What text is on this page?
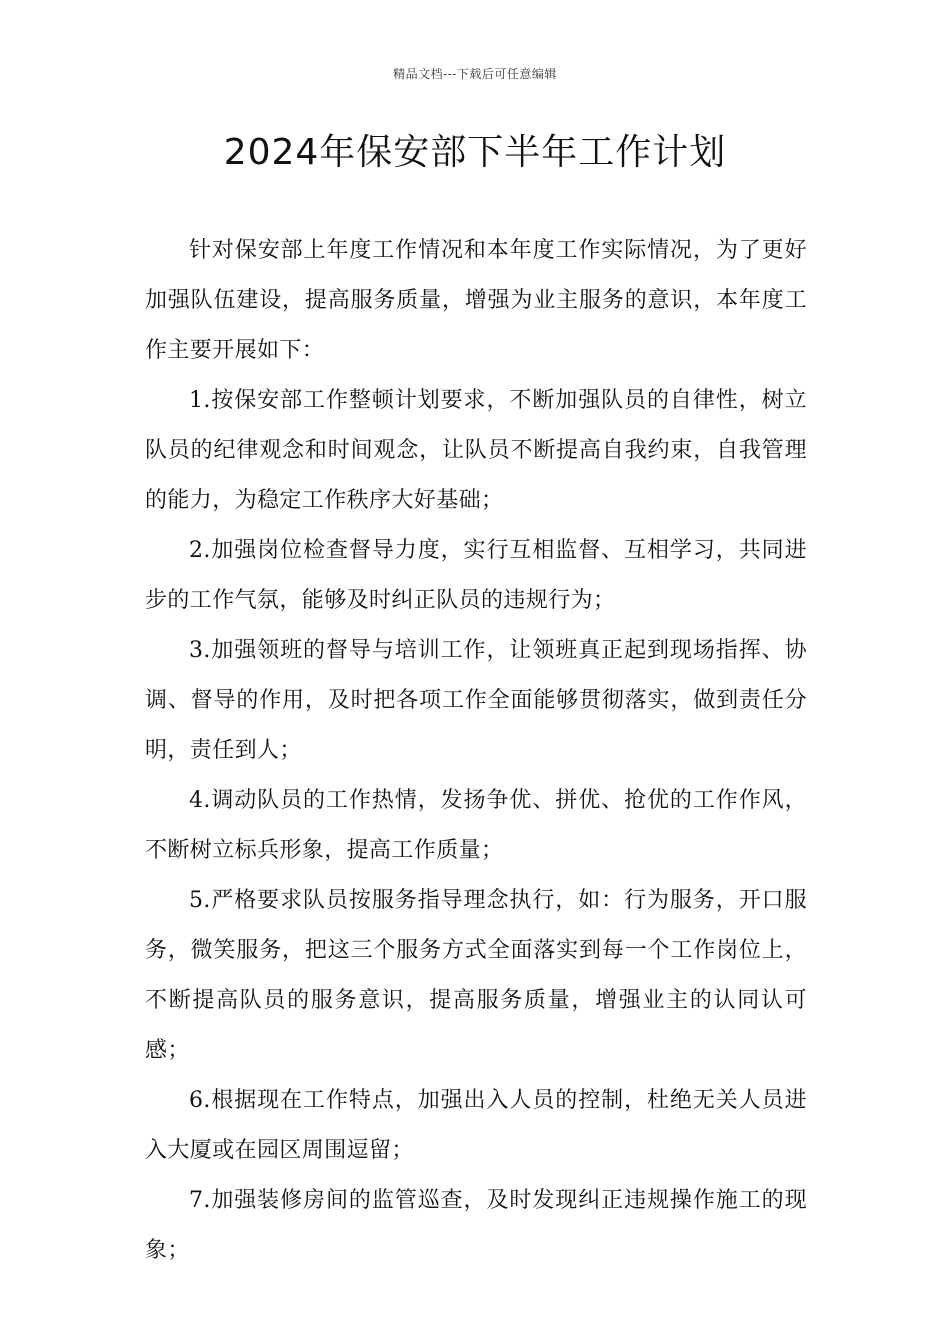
精品文档---下载后可任意编辑
2024年保安部下半年工作计划

针对保安部上年度工作情况和本年度工作实际情况，为了更好加强队伍建设，提高服务质量，增强为业主服务的意识，本年度工作主要开展如下：

1.按保安部工作整顿计划要求，不断加强队员的自律性，树立队员的纪律观念和时间观念，让队员不断提高自我约束，自我管理的能力，为稳定工作秩序大好基础；

2.加强岗位检查督导力度，实行互相监督、互相学习，共同进步的工作气氛，能够及时纠正队员的违规行为；

3.加强领班的督导与培训工作，让领班真正起到现场指挥、协调、督导的作用，及时把各项工作全面能够贯彻落实，做到责任分明，责任到人；

4.调动队员的工作热情，发扬争优、拼优、抢优的工作作风，不断树立标兵形象，提高工作质量；

5.严格要求队员按服务指导理念执行，如：行为服务，开口服务，微笑服务，把这三个服务方式全面落实到每一个工作岗位上，不断提高队员的服务意识，提高服务质量，增强业主的认同认可感；

6.根据现在工作特点，加强出入人员的控制，杜绝无关人员进入大厦或在园区周围逗留；

7.加强装修房间的监管巡查，及时发现纠正违规操作施工的现象；
